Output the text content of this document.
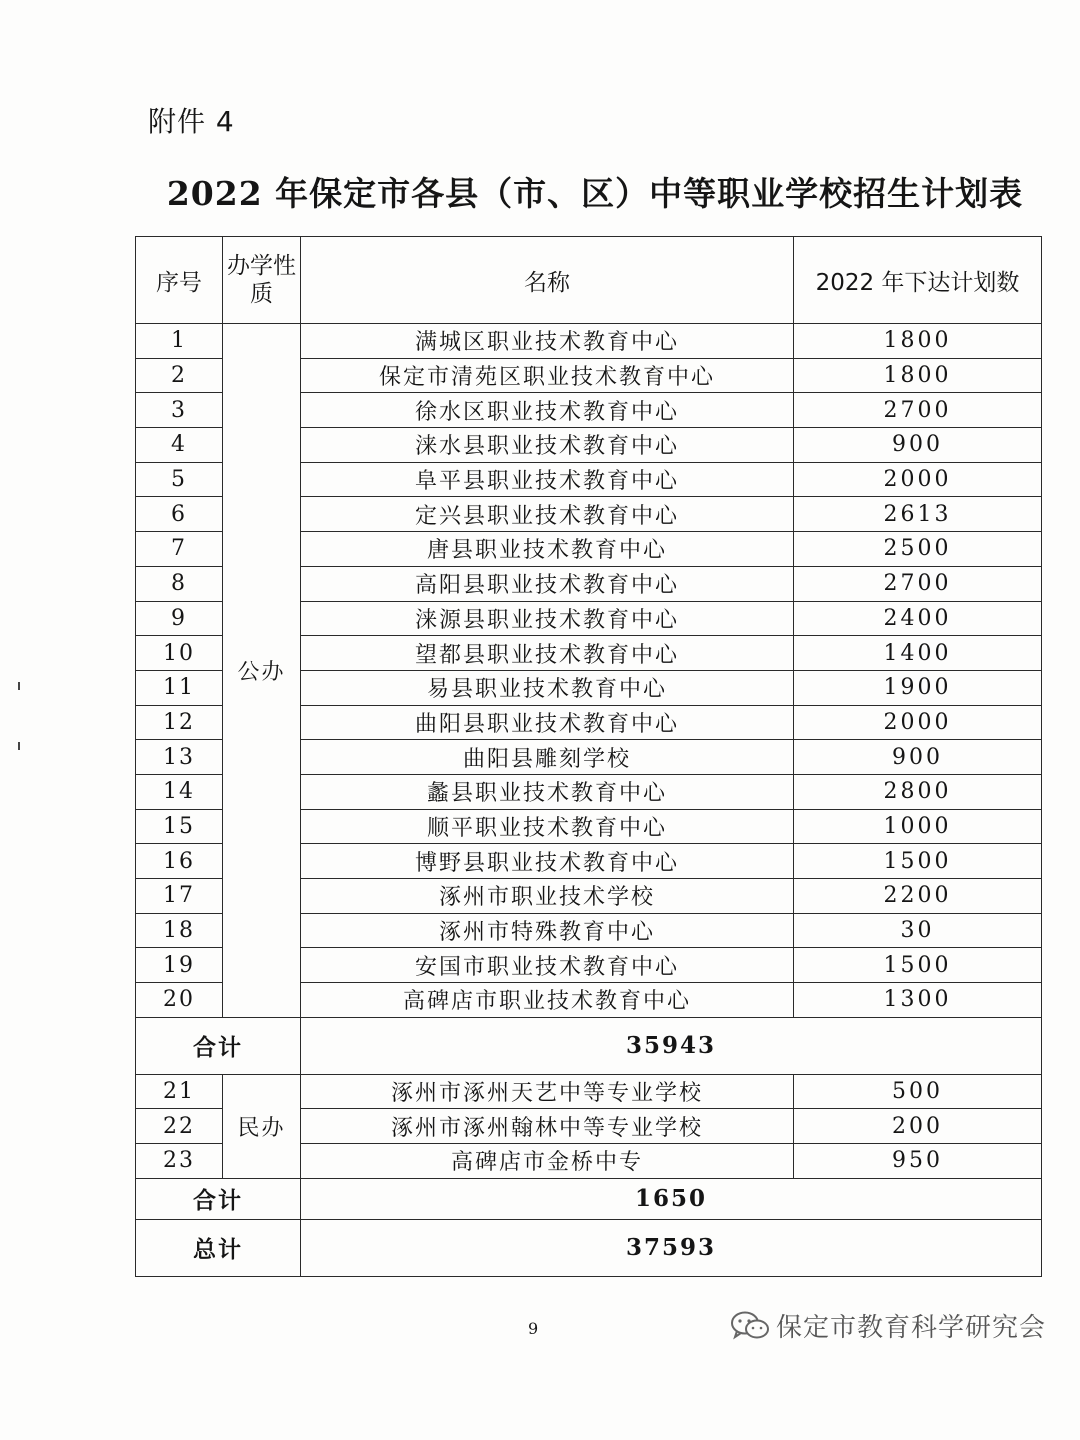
附件 4
2022 年保定市各县（市、区）中等职业学校招生计划表
序号	办学性质	名称	2022 年下达计划数
1	公办	满城区职业技术教育中心	1800
2		保定市清苑区职业技术教育中心	1800
3		徐水区职业技术教育中心	2700
4		涞水县职业技术教育中心	900
5		阜平县职业技术教育中心	2000
6		定兴县职业技术教育中心	2613
7		唐县职业技术教育中心	2500
8		高阳县职业技术教育中心	2700
9		涞源县职业技术教育中心	2400
10		望都县职业技术教育中心	1400
11		易县职业技术教育中心	1900
12		曲阳县职业技术教育中心	2000
13		曲阳县雕刻学校	900
14		蠡县职业技术教育中心	2800
15		顺平职业技术教育中心	1000
16		博野县职业技术教育中心	1500
17		涿州市职业技术学校	2200
18		涿州市特殊教育中心	30
19		安国市职业技术教育中心	1500
20		高碑店市职业技术教育中心	1300
合计		35943	
21	民办	涿州市涿州天艺中等专业学校	500
22		涿州市涿州翰林中等专业学校	200
23		高碑店市金桥中专	950
合计		1650	
总计		37593	
9	保定市教育科学研究会
